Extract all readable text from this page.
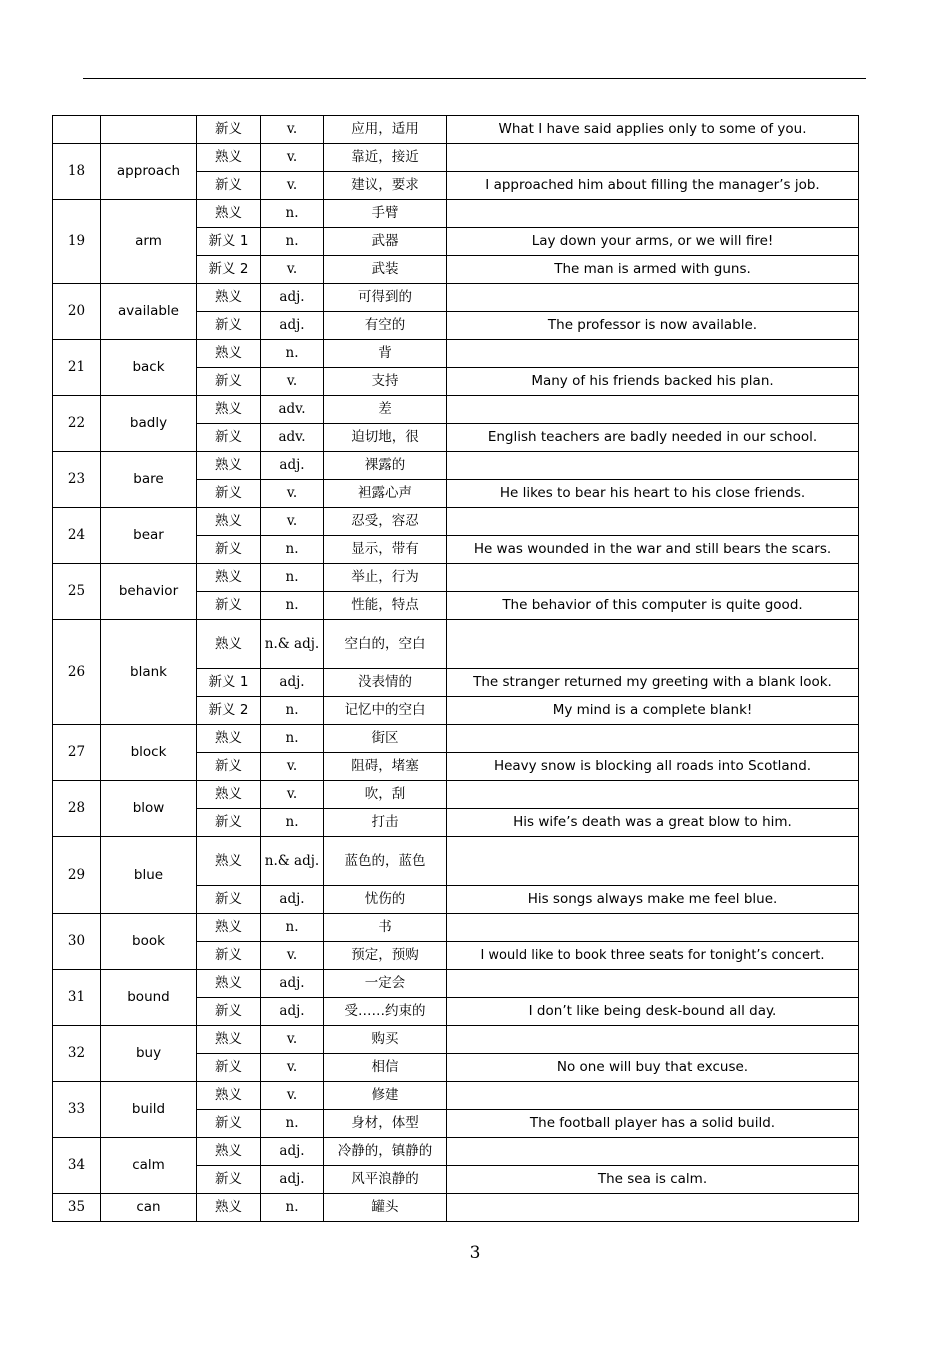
		新义	v.	应用，适用	What I have said applies only to some of you.
18	approach	熟义	v.	靠近，接近	
		新义	v.	建议，要求	I approached him about filling the manager’s job.
19	arm	熟义	n.	手臂	
		新义 1	n.	武器	Lay down your arms, or we will fire!
		新义 2	v.	武装	The man is armed with guns.
20	available	熟义	adj.	可得到的	
		新义	adj.	有空的	The professor is now available.
21	back	熟义	n.	背	
		新义	v.	支持	Many of his friends backed his plan.
22	badly	熟义	adv.	差	
		新义	adv.	迫切地，很	English teachers are badly needed in our school.
23	bare	熟义	adj.	裸露的	
		新义	v.	袒露心声	He likes to bear his heart to his close friends.
24	bear	熟义	v.	忍受，容忍	
		新义	n.	显示，带有	He was wounded in the war and still bears the scars.
25	behavior	熟义	n.	举止，行为	
		新义	n.	性能，特点	The behavior of this computer is quite good.
26	blank	熟义	n.& adj.	空白的，空白	
		新义 1	adj.	没表情的	The stranger returned my greeting with a blank look.
		新义 2	n.	记忆中的空白	My mind is a complete blank!
27	block	熟义	n.	街区	
		新义	v.	阻碍，堵塞	Heavy snow is blocking all roads into Scotland.
28	blow	熟义	v.	吹，刮	
		新义	n.	打击	His wife’s death was a great blow to him.
29	blue	熟义	n.& adj.	蓝色的，蓝色	
		新义	adj.	忧伤的	His songs always make me feel blue.
30	book	熟义	n.	书	
		新义	v.	预定，预购	I would like to book three seats for tonight’s concert.
31	bound	熟义	adj.	一定会	
		新义	adj.	受……约束的	I don’t like being desk-bound all day.
32	buy	熟义	v.	购买	
		新义	v.	相信	No one will buy that excuse.
33	build	熟义	v.	修建	
		新义	n.	身材，体型	The football player has a solid build.
34	calm	熟义	adj.	冷静的，镇静的	
		新义	adj.	风平浪静的	The sea is calm.
35	can	熟义	n.	罐头	
3
